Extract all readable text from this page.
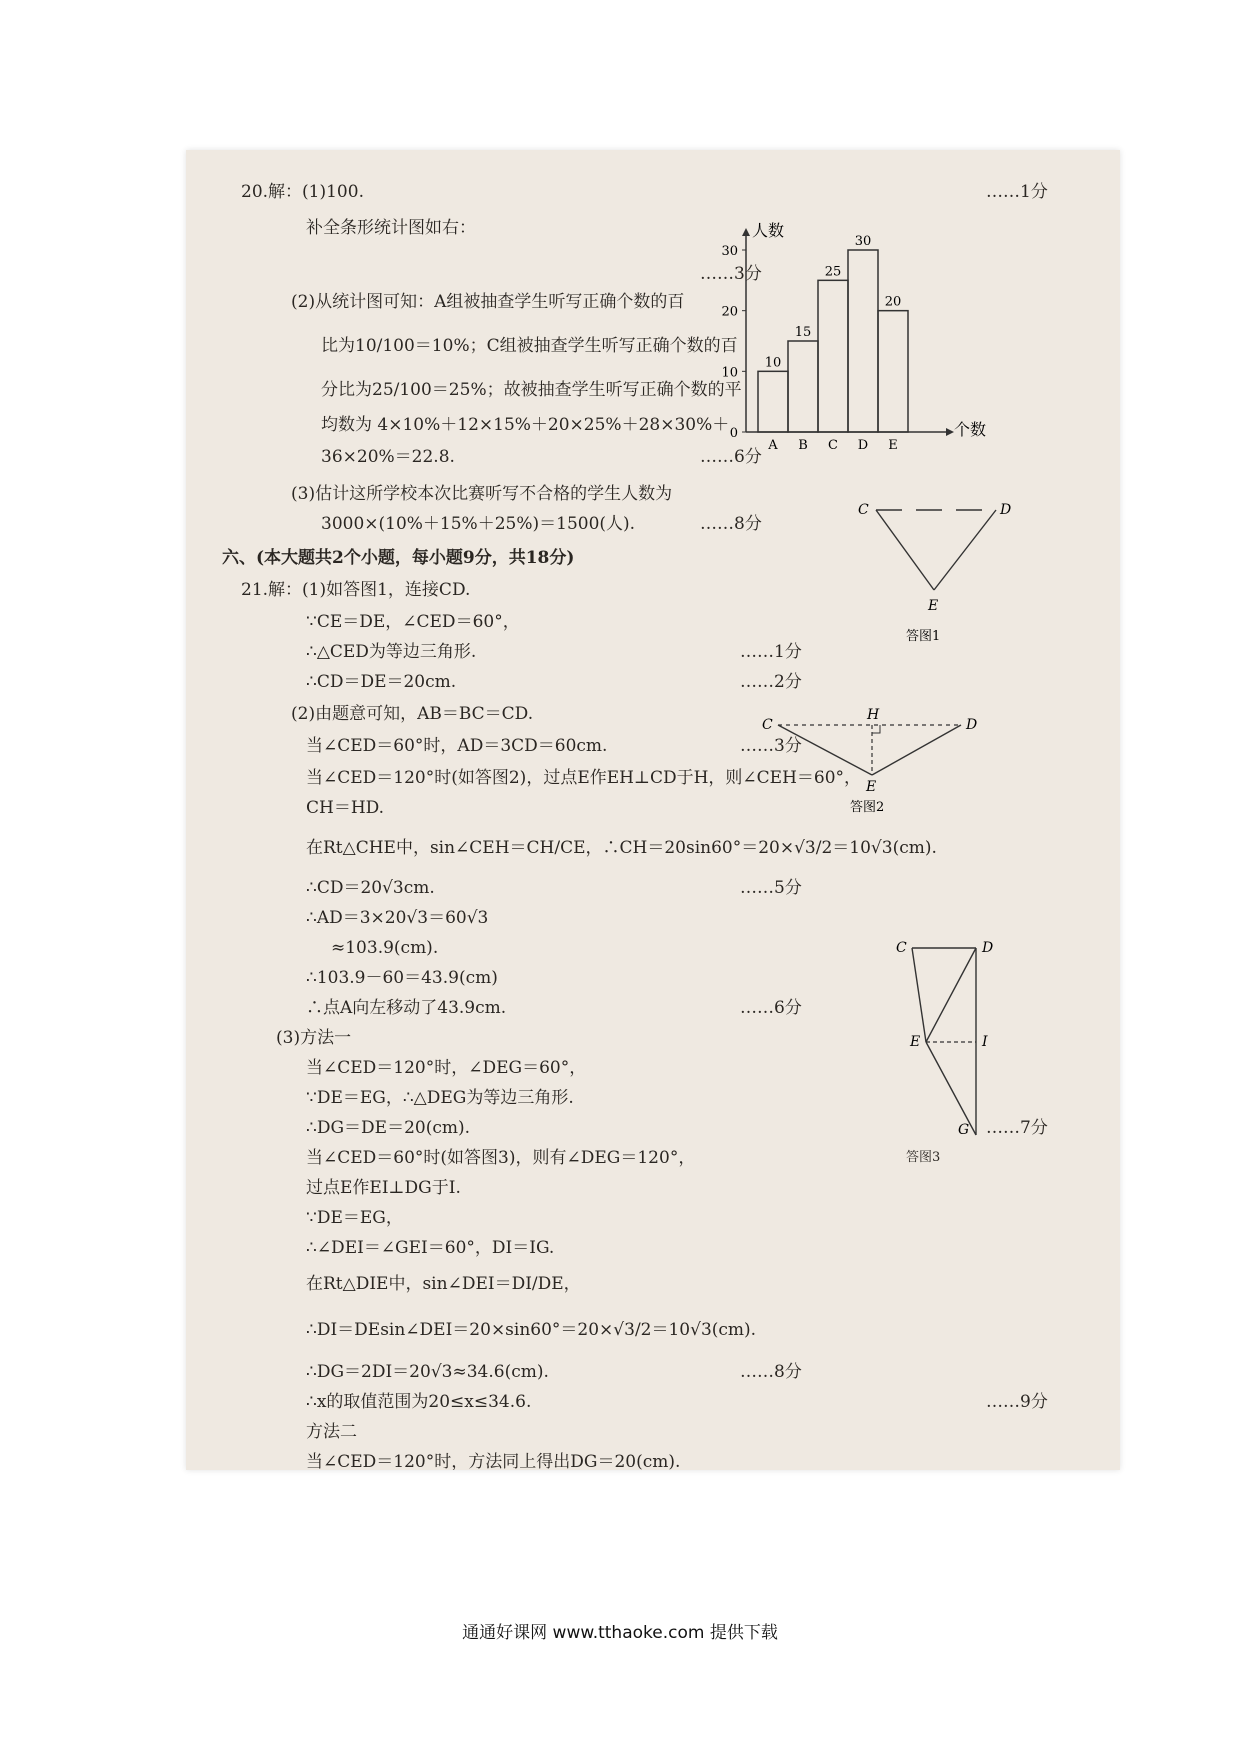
20.解：(1)100.
补全条形统计图如右：
(2)从统计图可知：A组被抽查学生听写正确个数的百
比为10/100＝10%；C组被抽查学生听写正确个数的百
分比为25/100＝25%；故被抽查学生听写正确个数的平
均数为 4×10%＋12×15%＋20×25%＋28×30%＋
36×20%＝22.8.
(3)估计这所学校本次比赛听写不合格的学生人数为
3000×(10%＋15%＋25%)＝1500(人).
六、(本大题共2个小题，每小题9分，共18分)
21.解：(1)如答图1，连接CD.
∵CE＝DE，∠CED＝60°，
∴△CED为等边三角形.
∴CD＝DE＝20cm.
(2)由题意可知，AB＝BC＝CD.
当∠CED＝60°时，AD＝3CD＝60cm.
当∠CED＝120°时(如答图2)，过点E作EH⊥CD于H，则∠CEH＝60°，
CH＝HD.
在Rt△CHE中，sin∠CEH＝CH/CE，∴CH＝20sin60°＝20×√3/2＝10√3(cm).
∴CD＝20√3cm.
∴AD＝3×20√3＝60√3
≈103.9(cm).
∴103.9－60＝43.9(cm)
∴点A向左移动了43.9cm.
(3)方法一
当∠CED＝120°时，∠DEG＝60°，
∵DE＝EG，∴△DEG为等边三角形.
∴DG＝DE＝20(cm).
当∠CED＝60°时(如答图3)，则有∠DEG＝120°，
过点E作EI⊥DG于I.
∵DE＝EG，
∴∠DEI＝∠GEI＝60°，DI＝IG.
在Rt△DIE中，sin∠DEI＝DI/DE，
∴DI＝DEsin∠DEI＝20×sin60°＝20×√3/2＝10√3(cm).
∴DG＝2DI＝20√3≈34.6(cm).
∴x的取值范围为20≤x≤34.6.
方法二
当∠CED＝120°时，方法同上得出DG＝20(cm).
……1分
……3分
……6分
……8分
……1分
……2分
……3分
……5分
……6分
……7分
……8分
……9分
0
10
20
30
10
A
15
B
25
C
30
D
20
E
人数
个数
C	D
E
答图1
C
H
D
E
答图2
C	D
E	I
G
答图3
通通好课网 www.tthaoke.com 提供下载
